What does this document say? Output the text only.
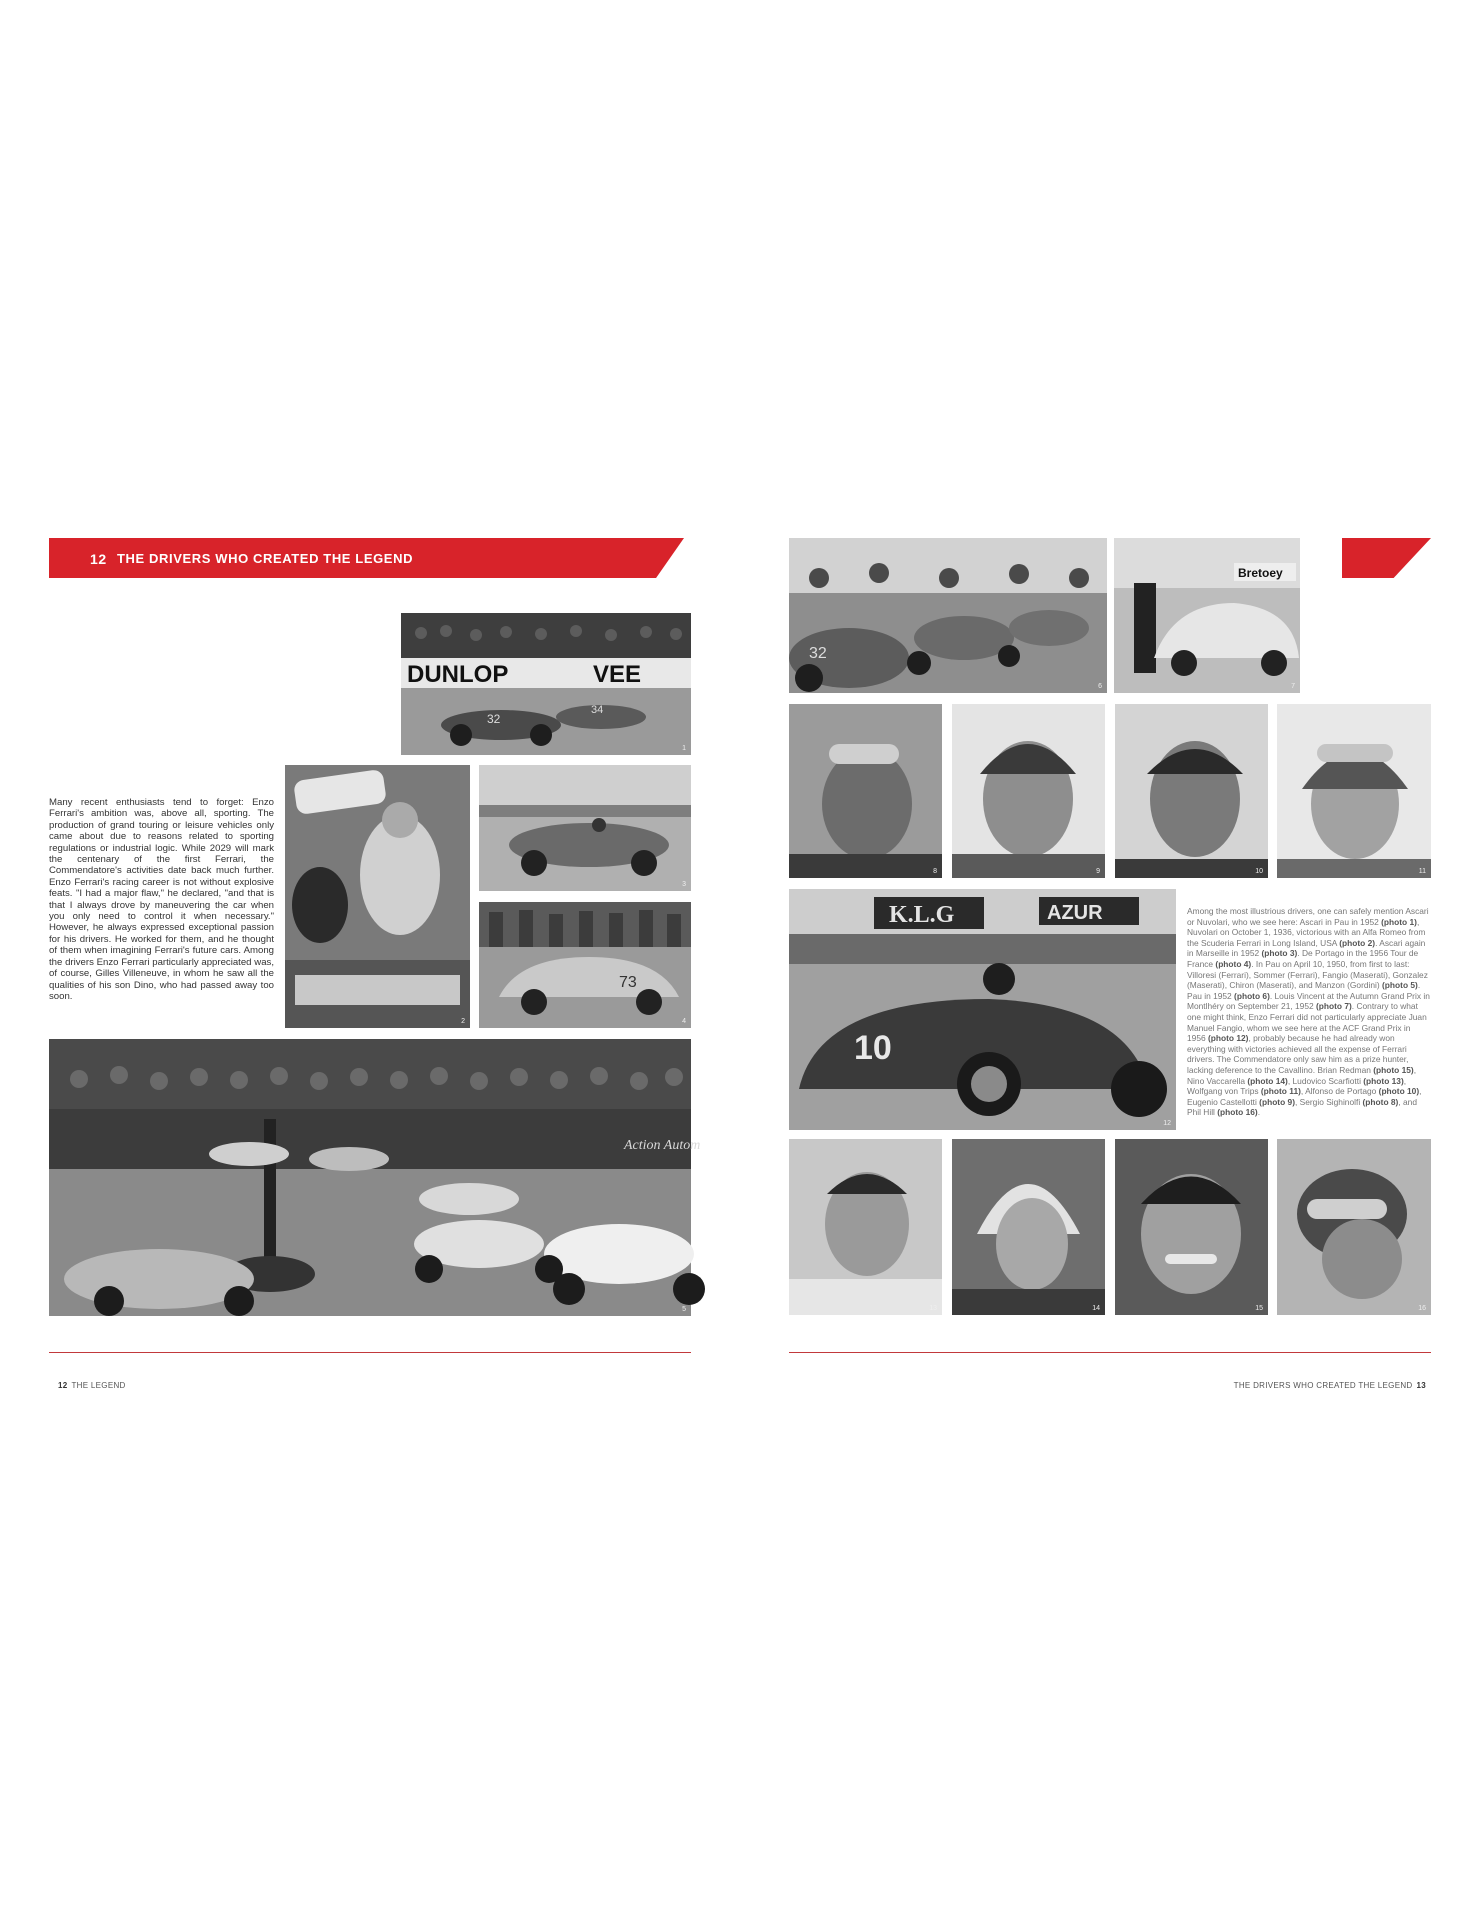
12 THE DRIVERS WHO CREATED THE LEGEND
DUNLOP	VEE
32
34
1
2
3
73
4
Many recent enthusiasts tend to forget: Enzo Ferrari's ambition was, above all, sporting. The production of grand touring or leisure vehicles only came about due to reasons related to sporting regulations or industrial logic. While 2029 will mark the centenary of the first Ferrari, the Commendatore's activities date back much further. Enzo Ferrari's racing career is not without explosive feats. "I had a major flaw," he declared, "and that is that I always drove by maneuvering the car when you only need to control it when necessary." However, he always expressed exceptional passion for his drivers. He worked for them, and he thought of them when imagining Ferrari's future cars. Among the drivers Enzo Ferrari particularly appreciated was, of course, Gilles Villeneuve, in whom he saw all the qualities of his son Dino, who had passed away too soon.
Action Autom
5
12 THE LEGEND
32
6
Bretoey
7
8	9	10	11
K.L.G	AZUR
10
12
Among the most illustrious drivers, one can safely mention Ascari or Nuvolari, who we see here: Ascari in Pau in 1952 (photo 1), Nuvolari on October 1, 1936, victorious with an Alfa Romeo from the Scuderia Ferrari in Long Island, USA (photo 2). Ascari again in Marseille in 1952 (photo 3). De Portago in the 1956 Tour de France (photo 4). In Pau on April 10, 1950, from first to last: Villoresi (Ferrari), Sommer (Ferrari), Fangio (Maserati), Gonzalez (Maserati), Chiron (Maserati), and Manzon (Gordini) (photo 5). Pau in 1952 (photo 6). Louis Vincent at the Autumn Grand Prix in Montlhéry on September 21, 1952 (photo 7). Contrary to what one might think, Enzo Ferrari did not particularly appreciate Juan Manuel Fangio, whom we see here at the ACF Grand Prix in 1956 (photo 12), probably because he had already won everything with victories achieved all the expense of Ferrari drivers. The Commendatore only saw him as a prize hunter, lacking deference to the Cavallino. Brian Redman (photo 15), Nino Vaccarella (photo 14), Ludovico Scarfiotti (photo 13), Wolfgang von Trips (photo 11), Alfonso de Portago (photo 10), Eugenio Castellotti (photo 9), Sergio Sighinolfi (photo 8), and Phil Hill (photo 16).
13	14	15	16
THE DRIVERS WHO CREATED THE LEGEND 13
